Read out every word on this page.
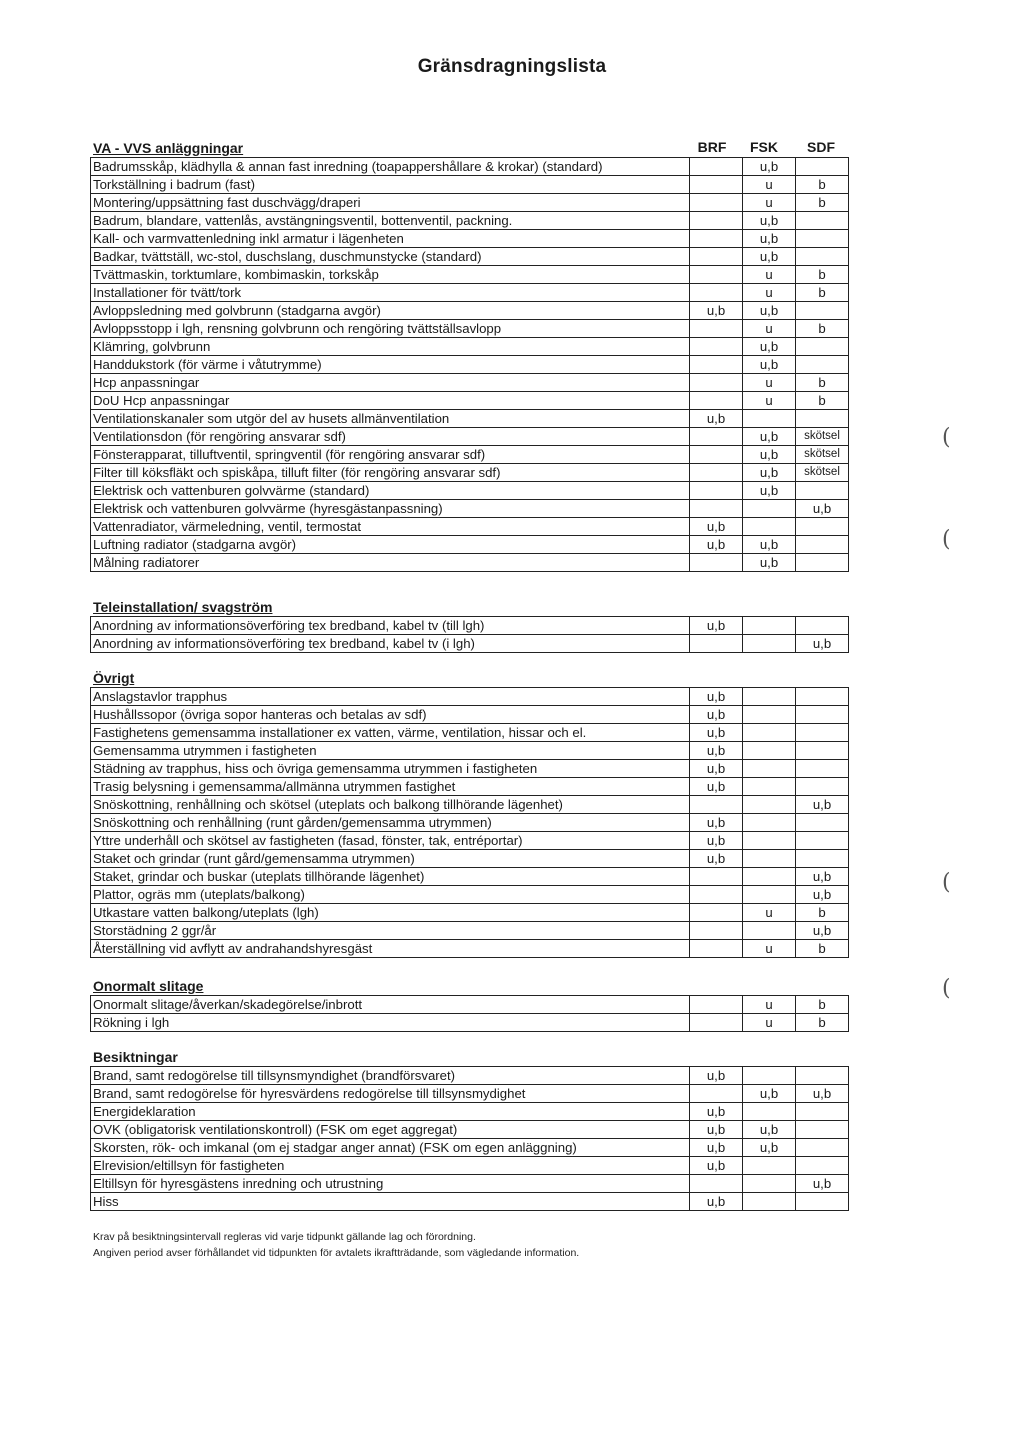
Gränsdragningslista
BRF	FSK	SDF
VA - VVS anläggningar
Badrumsskåp, klädhylla & annan fast inredning (toapappershållare & krokar) (standard)		u,b	
Torkställning i badrum (fast)		u	b
Montering/uppsättning fast duschvägg/draperi		u	b
Badrum, blandare, vattenlås, avstängningsventil, bottenventil, packning.		u,b	
Kall- och varmvattenledning inkl armatur i lägenheten		u,b	
Badkar, tvättställ, wc-stol, duschslang, duschmunstycke (standard)		u,b	
Tvättmaskin, torktumlare, kombimaskin, torkskåp		u	b
Installationer för tvätt/tork		u	b
Avloppsledning med golvbrunn (stadgarna avgör)	u,b	u,b	
Avloppsstopp i lgh, rensning golvbrunn och rengöring tvättställsavlopp		u	b
Klämring, golvbrunn		u,b	
Handdukstork (för värme i våtutrymme)		u,b	
Hcp anpassningar		u	b
DoU Hcp anpassningar		u	b
Ventilationskanaler som utgör del av husets allmänventilation	u,b		
Ventilationsdon (för rengöring ansvarar sdf)		u,b	skötsel
Fönsterapparat, tilluftventil, springventil (för rengöring ansvarar sdf)		u,b	skötsel
Filter till köksfläkt och spiskåpa, tilluft filter (för rengöring ansvarar sdf)		u,b	skötsel
Elektrisk och vattenburen golvvärme (standard)		u,b	
Elektrisk och vattenburen golvvärme (hyresgästanpassning)			u,b
Vattenradiator, värmeledning, ventil, termostat	u,b		
Luftning radiator (stadgarna avgör)	u,b	u,b	
Målning radiatorer		u,b	
Teleinstallation/ svagström
Anordning av informationsöverföring tex bredband, kabel tv (till lgh)	u,b		
Anordning av informationsöverföring tex bredband, kabel tv (i lgh)			u,b
Övrigt
Anslagstavlor trapphus	u,b		
Hushållssopor (övriga sopor hanteras och betalas av sdf)	u,b		
Fastighetens gemensamma installationer ex vatten, värme, ventilation, hissar och el.	u,b		
Gemensamma utrymmen i fastigheten	u,b		
Städning av trapphus, hiss och övriga gemensamma utrymmen i fastigheten	u,b		
Trasig belysning i gemensamma/allmänna utrymmen fastighet	u,b		
Snöskottning, renhållning och skötsel (uteplats och balkong tillhörande lägenhet)			u,b
Snöskottning och renhållning (runt gården/gemensamma utrymmen)	u,b		
Yttre underhåll och skötsel av fastigheten (fasad, fönster, tak, entréportar)	u,b		
Staket och grindar (runt gård/gemensamma utrymmen)	u,b		
Staket, grindar och buskar (uteplats tillhörande lägenhet)			u,b
Plattor, ogräs mm (uteplats/balkong)			u,b
Utkastare vatten balkong/uteplats (lgh)		u	b
Storstädning 2 ggr/år			u,b
Återställning vid avflytt av andrahandshyresgäst		u	b
Onormalt slitage
Onormalt slitage/åverkan/skadegörelse/inbrott		u	b
Rökning i lgh		u	b
Besiktningar
Brand, samt redogörelse till tillsynsmyndighet (brandförsvaret)	u,b		
Brand, samt redogörelse för hyresvärdens redogörelse till tillsynsmydighet		u,b	u,b
Energideklaration	u,b		
OVK (obligatorisk ventilationskontroll) (FSK om eget aggregat)	u,b	u,b	
Skorsten, rök- och imkanal (om ej stadgar anger annat) (FSK om egen anläggning)	u,b	u,b	
Elrevision/eltillsyn för fastigheten	u,b		
Eltillsyn för hyresgästens inredning och utrustning			u,b
Hiss	u,b		
Krav på besiktningsintervall regleras vid varje tidpunkt gällande lag och förordning.
Angiven period avser förhållandet vid tidpunkten för avtalets ikraftträdande, som vägledande information.
(
(
(
(
